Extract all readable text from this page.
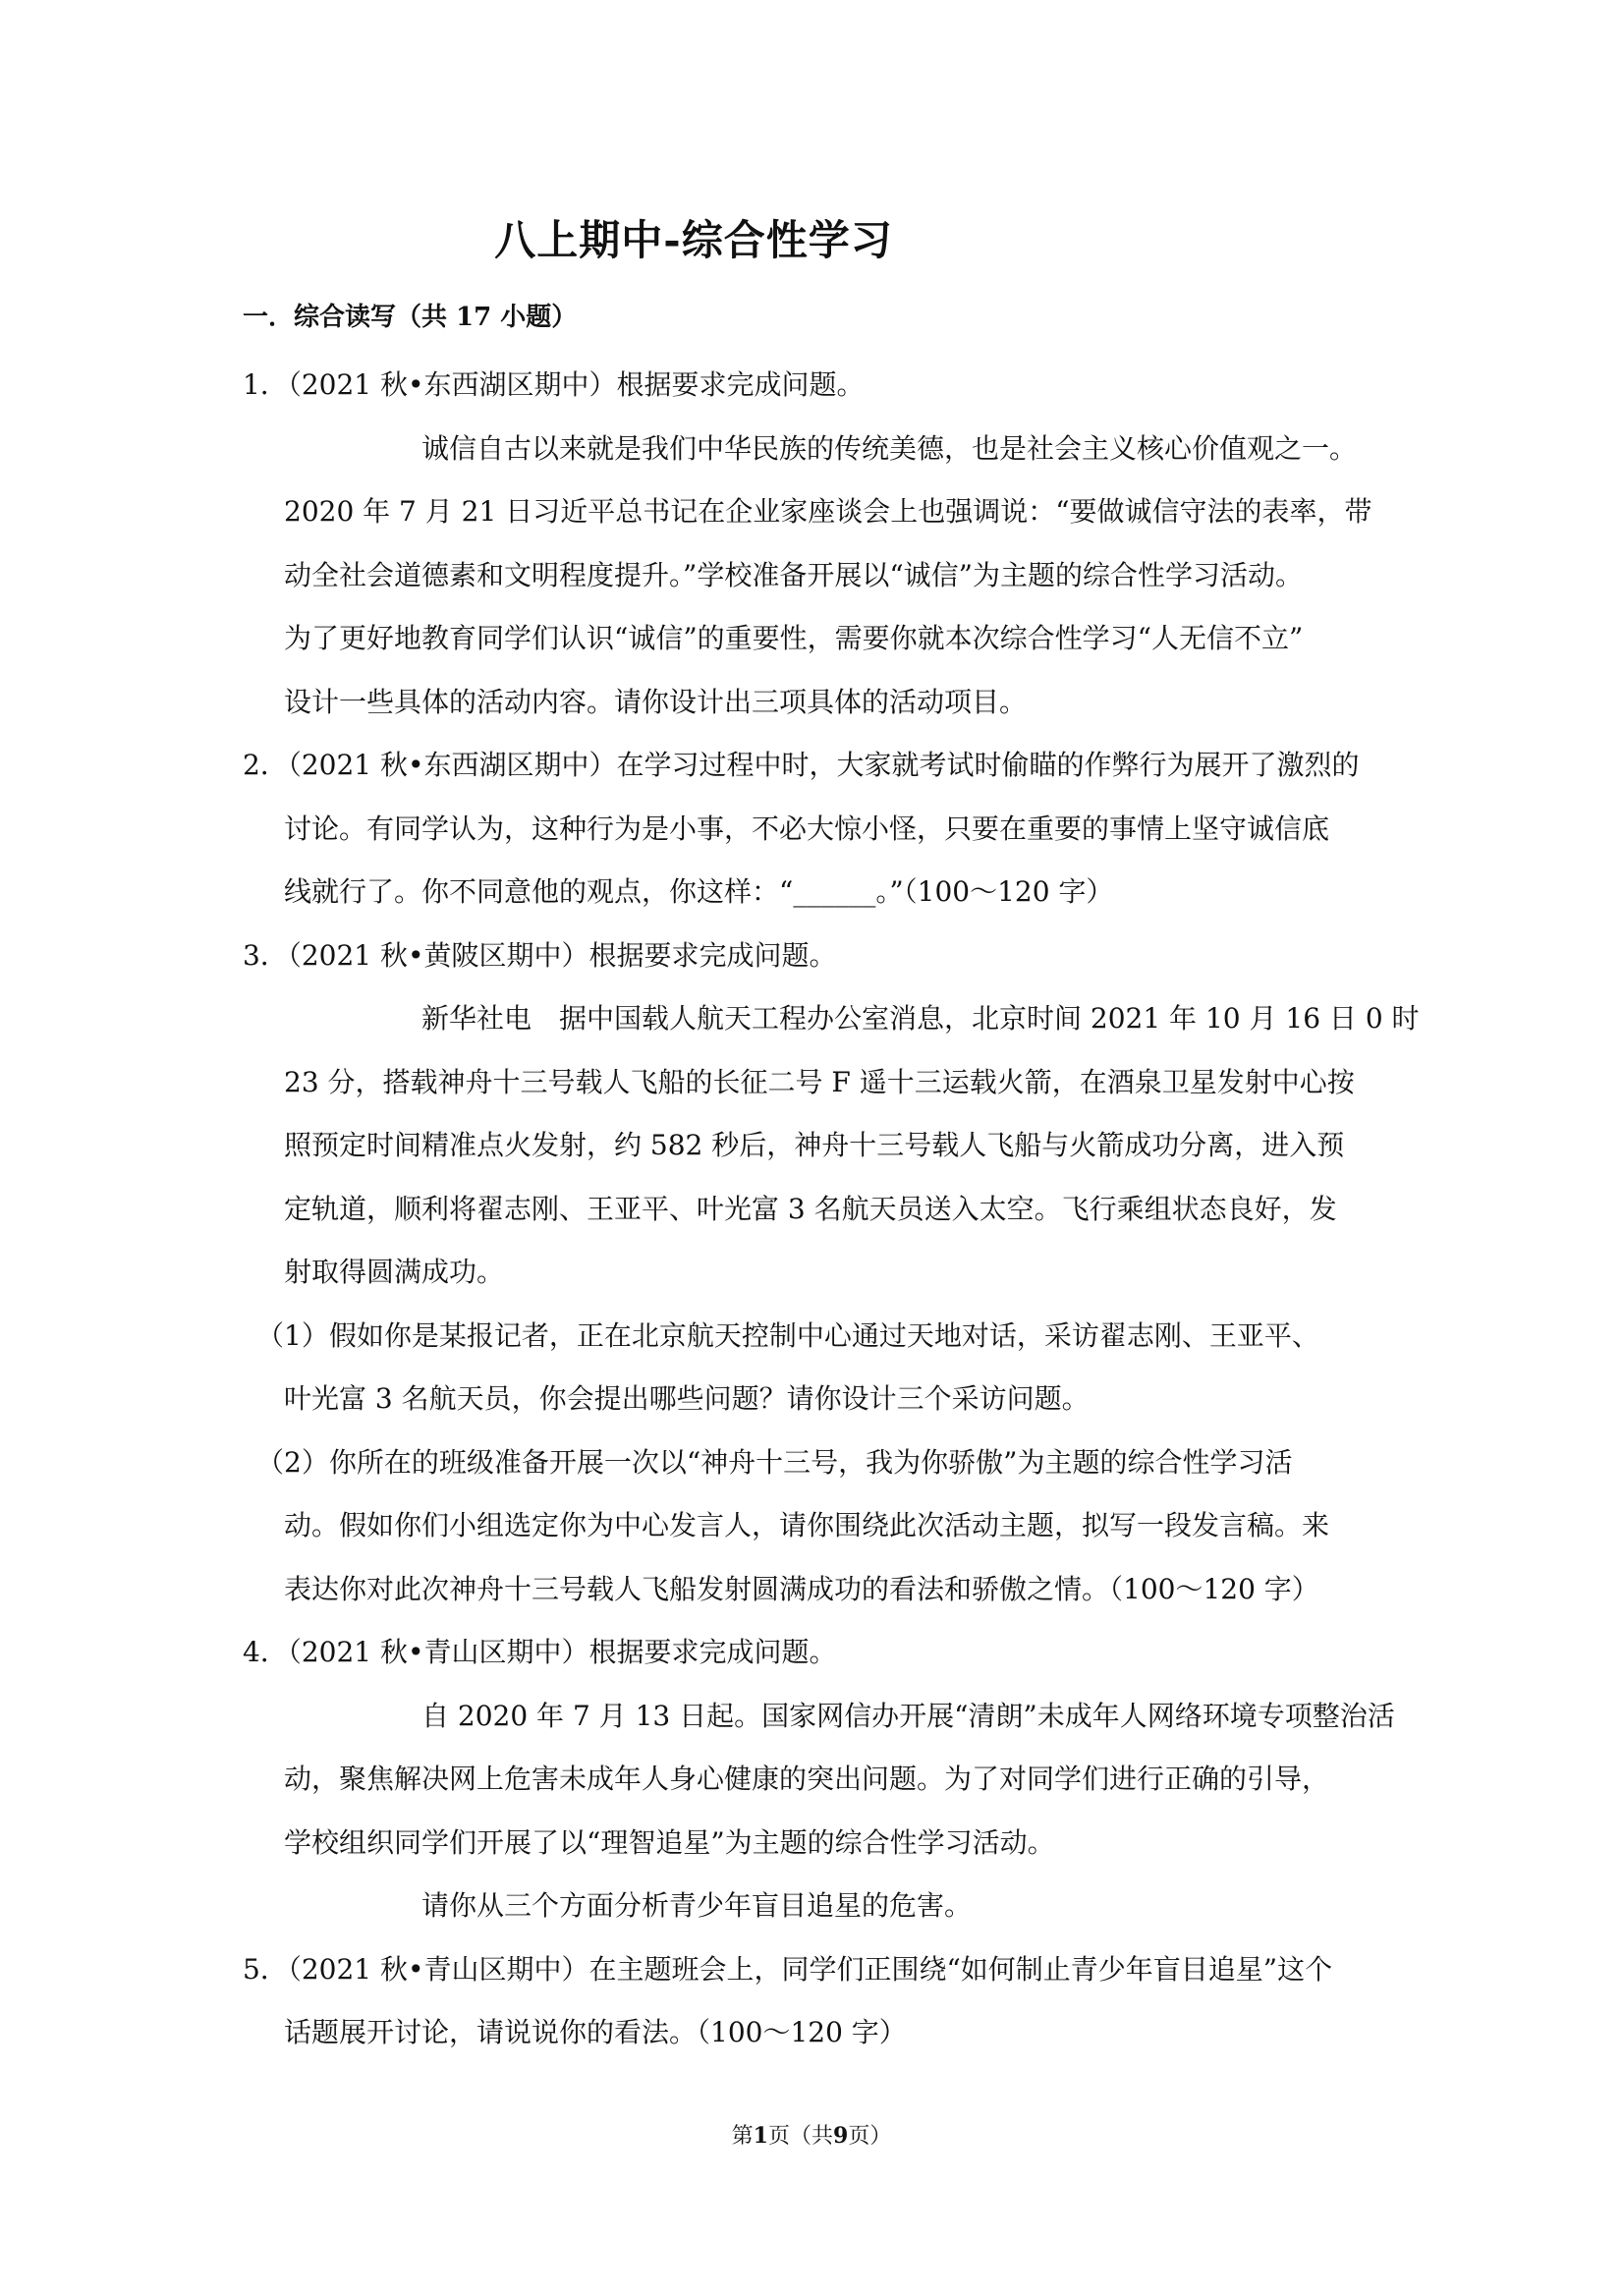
八上期中-综合性学习
一．综合读写（共 17 小题）
1．（2021 秋•东西湖区期中）根据要求完成问题。
诚信自古以来就是我们中华民族的传统美德，也是社会主义核心价值观之一。
2020 年 7 月 21 日习近平总书记在企业家座谈会上也强调说：“要做诚信守法的表率，带
动全社会道德素和文明程度提升。”学校准备开展以“诚信”为主题的综合性学习活动。
为了更好地教育同学们认识“诚信”的重要性，需要你就本次综合性学习“人无信不立”
设计一些具体的活动内容。请你设计出三项具体的活动项目。
2．（2021 秋•东西湖区期中）在学习过程中时，大家就考试时偷瞄的作弊行为展开了激烈的
讨论。有同学认为，这种行为是小事，不必大惊小怪，只要在重要的事情上坚守诚信底
线就行了。你不同意他的观点，你这样：“______。”（100～120 字）
3．（2021 秋•黄陂区期中）根据要求完成问题。
新华社电　据中国载人航天工程办公室消息，北京时间 2021 年 10 月 16 日 0 时
23 分，搭载神舟十三号载人飞船的长征二号 F 遥十三运载火箭，在酒泉卫星发射中心按
照预定时间精准点火发射，约 582 秒后，神舟十三号载人飞船与火箭成功分离，进入预
定轨道，顺利将翟志刚、王亚平、叶光富 3 名航天员送入太空。飞行乘组状态良好，发
射取得圆满成功。
（1）假如你是某报记者，正在北京航天控制中心通过天地对话，采访翟志刚、王亚平、
叶光富 3 名航天员，你会提出哪些问题？请你设计三个采访问题。
（2）你所在的班级准备开展一次以“神舟十三号，我为你骄傲”为主题的综合性学习活
动。假如你们小组选定你为中心发言人，请你围绕此次活动主题，拟写一段发言稿。来
表达你对此次神舟十三号载人飞船发射圆满成功的看法和骄傲之情。（100～120 字）
4．（2021 秋•青山区期中）根据要求完成问题。
自 2020 年 7 月 13 日起。国家网信办开展“清朗”未成年人网络环境专项整治活
动，聚焦解决网上危害未成年人身心健康的突出问题。为了对同学们进行正确的引导，
学校组织同学们开展了以“理智追星”为主题的综合性学习活动。
请你从三个方面分析青少年盲目追星的危害。
5．（2021 秋•青山区期中）在主题班会上，同学们正围绕“如何制止青少年盲目追星”这个
话题展开讨论，请说说你的看法。（100～120 字）
第1页（共9页）
